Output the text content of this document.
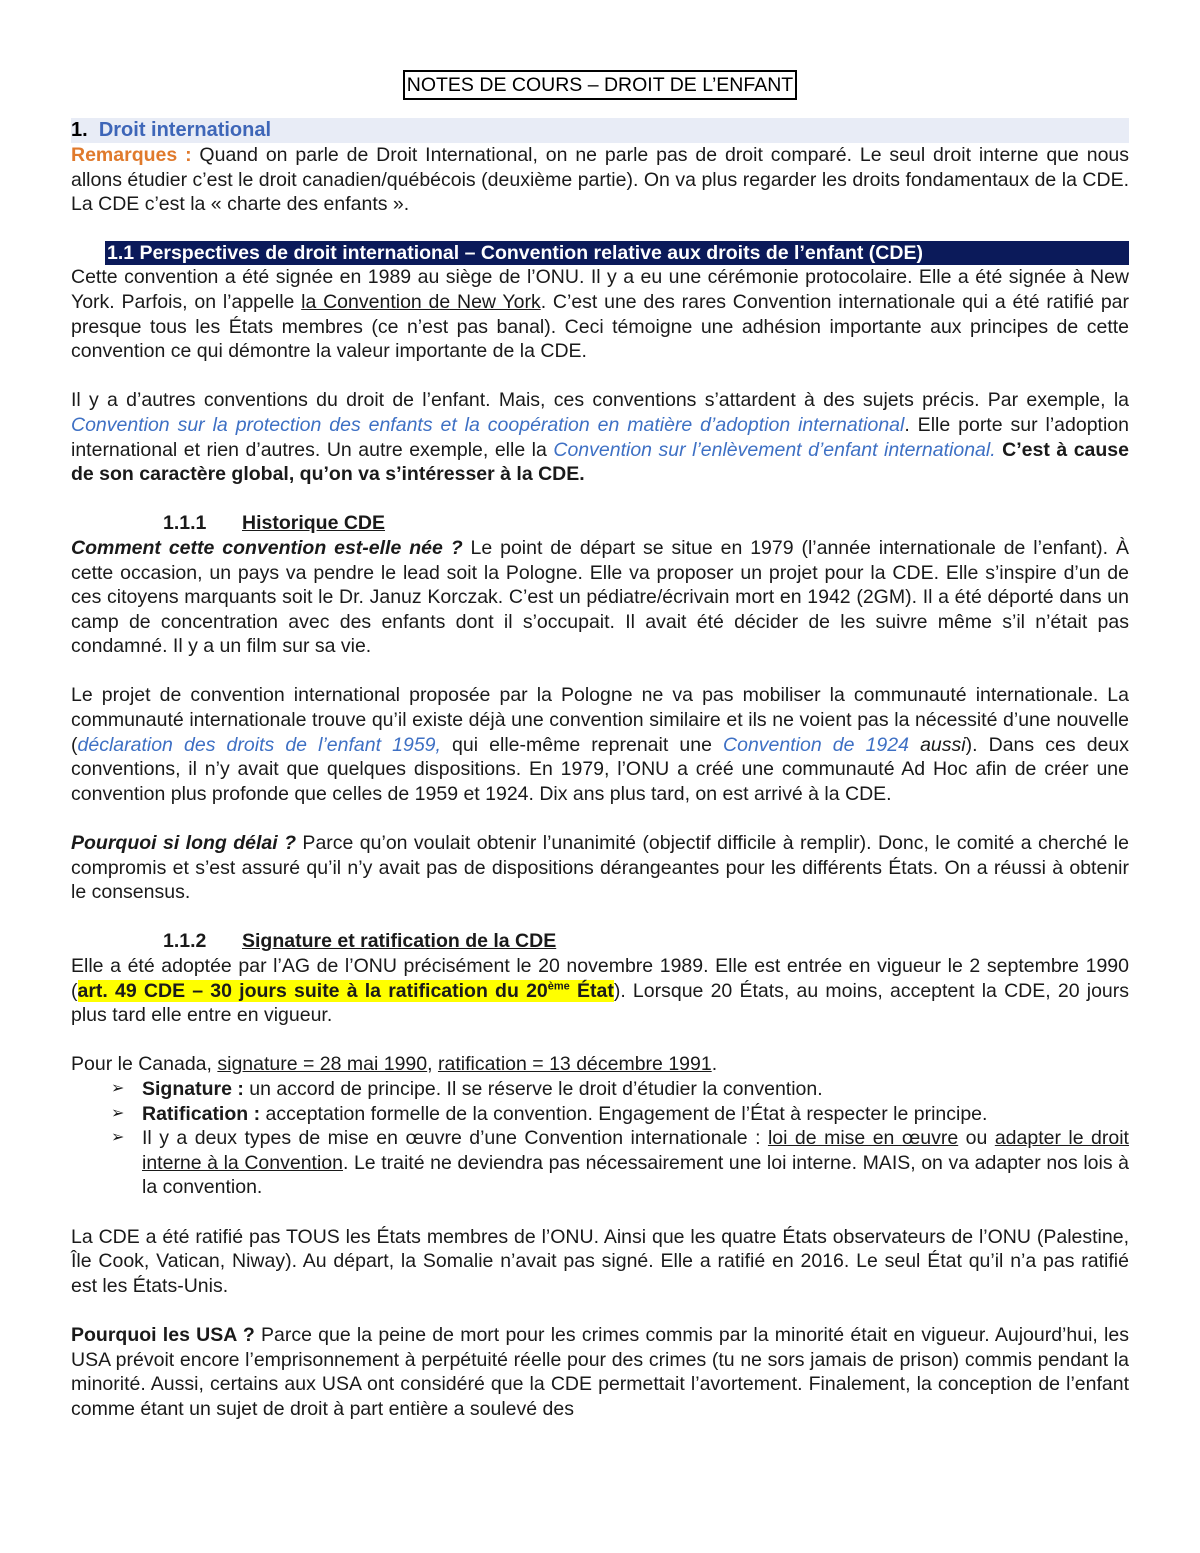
NOTES DE COURS – DROIT DE L’ENFANT
1. Droit international

Remarques : Quand on parle de Droit International, on ne parle pas de droit comparé. Le seul droit interne que nous allons étudier c’est le droit canadien/québécois (deuxième partie). On va plus regarder les droits fondamentaux de la CDE. La CDE c’est la « charte des enfants ».

1.1 Perspectives de droit international – Convention relative aux droits de l’enfant (CDE)

Cette convention a été signée en 1989 au siège de l’ONU. Il y a eu une cérémonie protocolaire. Elle a été signée à New York. Parfois, on l’appelle la Convention de New York. C’est une des rares Convention internationale qui a été ratifié par presque tous les États membres (ce n’est pas banal). Ceci témoigne une adhésion importante aux principes de cette convention ce qui démontre la valeur importante de la CDE.

Il y a d’autres conventions du droit de l’enfant. Mais, ces conventions s’attardent à des sujets précis. Par exemple, la Convention sur la protection des enfants et la coopération en matière d’adoption international. Elle porte sur l’adoption international et rien d’autres. Un autre exemple, elle la Convention sur l’enlèvement d’enfant international. C’est à cause de son caractère global, qu’on va s’intéresser à la CDE.

1.1.1 Historique CDE

Comment cette convention est-elle née ? Le point de départ se situe en 1979 (l’année internationale de l’enfant). À cette occasion, un pays va pendre le lead soit la Pologne. Elle va proposer un projet pour la CDE. Elle s’inspire d’un de ces citoyens marquants soit le Dr. Januz Korczak. C’est un pédiatre/écrivain mort en 1942 (2GM). Il a été déporté dans un camp de concentration avec des enfants dont il s’occupait. Il avait été décider de les suivre même s’il n’était pas condamné. Il y a un film sur sa vie.

Le projet de convention international proposée par la Pologne ne va pas mobiliser la communauté internationale. La communauté internationale trouve qu’il existe déjà une convention similaire et ils ne voient pas la nécessité d’une nouvelle (déclaration des droits de l’enfant 1959, qui elle-même reprenait une Convention de 1924 aussi). Dans ces deux conventions, il n’y avait que quelques dispositions. En 1979, l’ONU a créé une communauté Ad Hoc afin de créer une convention plus profonde que celles de 1959 et 1924. Dix ans plus tard, on est arrivé à la CDE.

Pourquoi si long délai ? Parce qu’on voulait obtenir l’unanimité (objectif difficile à remplir). Donc, le comité a cherché le compromis et s’est assuré qu’il n’y avait pas de dispositions dérangeantes pour les différents États. On a réussi à obtenir le consensus.

1.1.2 Signature et ratification de la CDE

Elle a été adoptée par l’AG de l’ONU précisément le 20 novembre 1989. Elle est entrée en vigueur le 2 septembre 1990 (art. 49 CDE – 30 jours suite à la ratification du 20ème État). Lorsque 20 États, au moins, acceptent la CDE, 20 jours plus tard elle entre en vigueur.

Pour le Canada, signature = 28 mai 1990, ratification = 13 décembre 1991.

➢ Signature : un accord de principe. Il se réserve le droit d’étudier la convention.
➢ Ratification : acceptation formelle de la convention. Engagement de l’État à respecter le principe.
➢ Il y a deux types de mise en œuvre d’une Convention internationale : loi de mise en œuvre ou adapter le droit interne à la Convention. Le traité ne deviendra pas nécessairement une loi interne. MAIS, on va adapter nos lois à la convention.

La CDE a été ratifié pas TOUS les États membres de l’ONU. Ainsi que les quatre États observateurs de l’ONU (Palestine, Île Cook, Vatican, Niway). Au départ, la Somalie n’avait pas signé. Elle a ratifié en 2016. Le seul État qu’il n’a pas ratifié est les États-Unis.

Pourquoi les USA ? Parce que la peine de mort pour les crimes commis par la minorité était en vigueur. Aujourd’hui, les USA prévoit encore l’emprisonnement à perpétuité réelle pour des crimes (tu ne sors jamais de prison) commis pendant la minorité. Aussi, certains aux USA ont considéré que la CDE permettait l’avortement. Finalement, la conception de l’enfant comme étant un sujet de droit à part entière a soulevé des
